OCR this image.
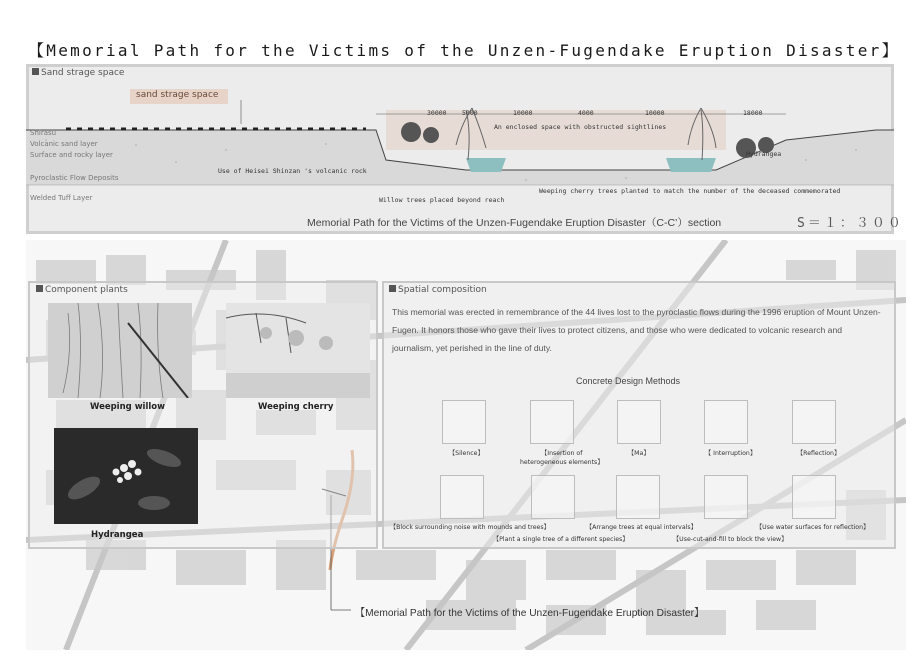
【Memorial Path for the Victims of the Unzen-Fugendake Eruption Disaster】
Sand strage space
sand strage space
Shirasu
Volcanic sand layer
Surface and rocky layer
Pyroclastic Flow Deposits
Welded Tuff Layer
30000 5000	10000	4000	10000	18000
An enclosed space with obstructed sightlines
Use of Heisei Shinzan 's volcanic rock
Willow trees placed beyond reach
Weeping cherry trees planted to match the number of the deceased commemorated
Hydrangea
Memorial Path for the Victims of the Unzen-Fugendake Eruption Disaster（C-C’）section	S＝１：３００
Component plants
Weeping willow	Weeping cherry
Hydrangea
Spatial composition
This memorial was erected in remembrance of the 44 lives lost to the pyroclastic flows during the 1996 eruption of Mount Unzen-Fugen. It honors those who gave their lives to protect citizens, and those who were dedicated to volcanic research and journalism, yet perished in the line of duty.
Concrete Design Methods
【Silence】	【Insertion of
heterogeneous elements】
【Ma】	【 Interruption】	【Reflection】
【Block surrounding noise with mounds and trees】	【Arrange trees at equal intervals】	【Use water surfaces for reflection】
【Plant a single tree of a different species】	【Use-cut-and-fill to block the view】
【Memorial Path for the Victims of the Unzen-Fugendake Eruption Disaster】
